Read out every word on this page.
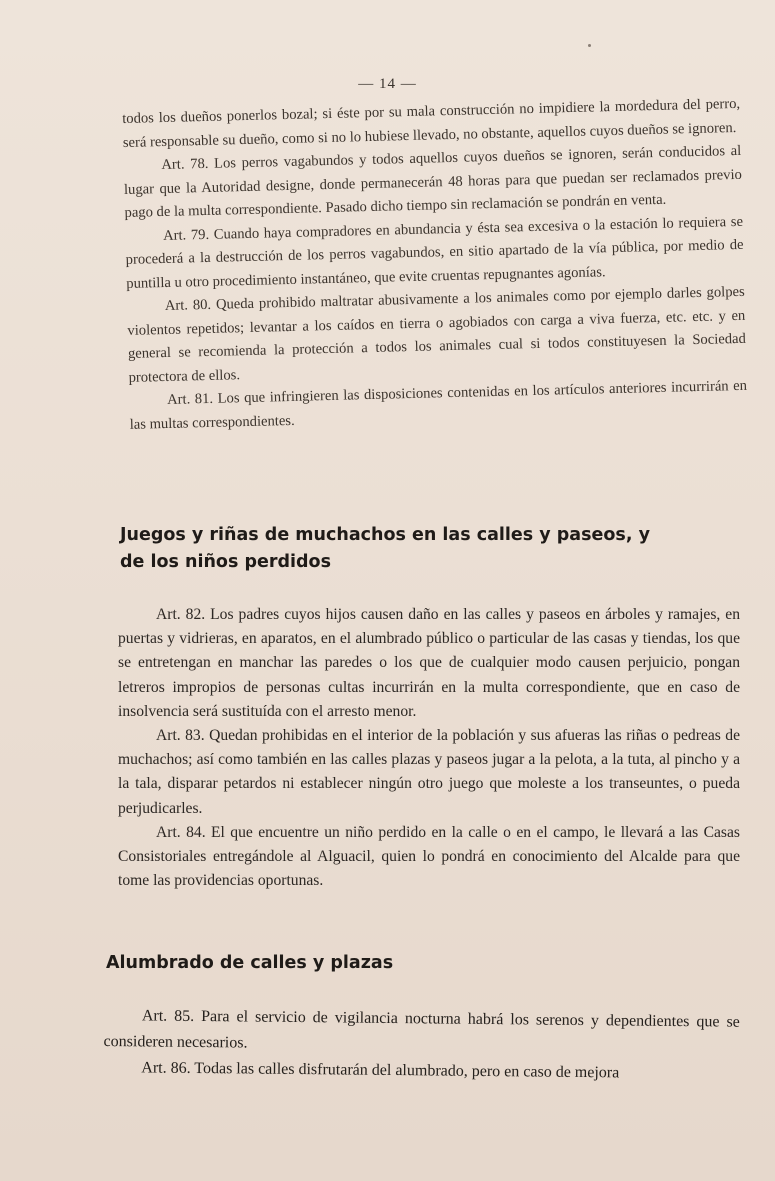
— 14 —

todos los dueños ponerlos bozal; si éste por su mala construcción no impidiere la mordedura del perro, será responsable su dueño, como si no lo hubiese llevado, no obstante, aquellos cuyos dueños se ignoren.

Art. 78. Los perros vagabundos y todos aquellos cuyos dueños se ignoren, serán conducidos al lugar que la Autoridad designe, donde permanecerán 48 horas para que puedan ser reclamados previo pago de la multa correspondiente. Pasado dicho tiempo sin reclamación se pondrán en venta.

Art. 79. Cuando haya compradores en abundancia y ésta sea excesiva o la estación lo requiera se procederá a la destrucción de los perros vagabundos, en sitio apartado de la vía pública, por medio de puntilla u otro procedimiento instantáneo, que evite cruentas repugnantes agonías.

Art. 80. Queda prohibido maltratar abusivamente a los animales como por ejemplo darles golpes violentos repetidos; levantar a los caídos en tierra o agobiados con carga a viva fuerza, etc. etc. y en general se recomienda la protección a todos los animales cual si todos constituyesen la Sociedad protectora de ellos.

Art. 81. Los que infringieren las disposiciones contenidas en los artículos anteriores incurrirán en las multas correspondientes.

Juegos y riñas de muchachos en las calles y paseos, y de los niños perdidos

Art. 82. Los padres cuyos hijos causen daño en las calles y paseos en árboles y ramajes, en puertas y vidrieras, en aparatos, en el alumbrado público o particular de las casas y tiendas, los que se entretengan en manchar las paredes o los que de cualquier modo causen perjuicio, pongan letreros impropios de personas cultas incurrirán en la multa correspondiente, que en caso de insolvencia será sustituída con el arresto menor.

Art. 83. Quedan prohibidas en el interior de la población y sus afueras las riñas o pedreas de muchachos; así como también en las calles plazas y paseos jugar a la pelota, a la tuta, al pincho y a la tala, disparar petardos ni establecer ningún otro juego que moleste a los transeuntes, o pueda perjudicarles.

Art. 84. El que encuentre un niño perdido en la calle o en el campo, le llevará a las Casas Consistoriales entregándole al Alguacil, quien lo pondrá en conocimiento del Alcalde para que tome las providencias oportunas.

Alumbrado de calles y plazas

Art. 85. Para el servicio de vigilancia nocturna habrá los serenos y dependientes que se consideren necesarios.

Art. 86. Todas las calles disfrutarán del alumbrado, pero en caso de mejora
